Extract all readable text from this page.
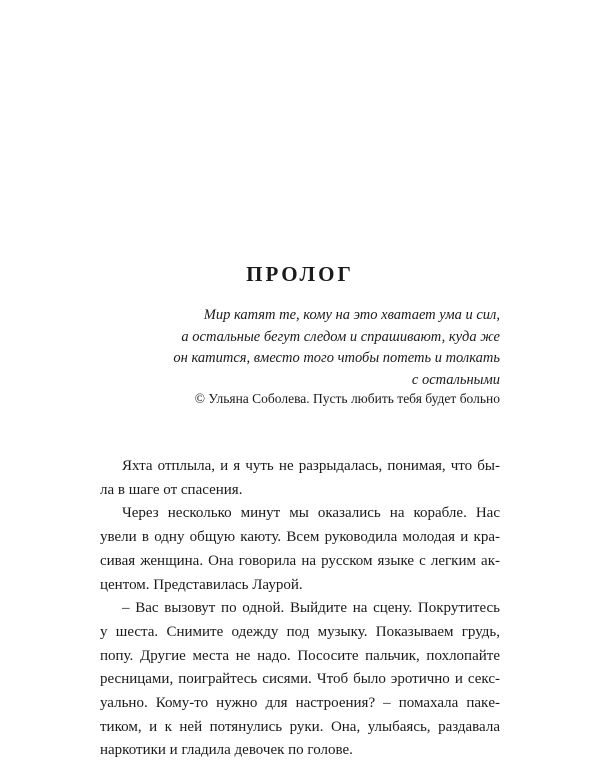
ПРОЛОГ
Мир катят те, кому на это хватает ума и сил,
а остальные бегут следом и спрашивают, куда же
он катится, вместо того чтобы потеть и толкать
с остальными
© Ульяна Соболева. Пусть любить тебя будет больно
Яхта отплыла, и я чуть не разрыдалась, понимая, что бы-
ла в шаге от спасения.
Через несколько минут мы оказались на корабле. Нас
увели в одну общую каюту. Всем руководила молодая и кра-
сивая женщина. Она говорила на русском языке с легким ак-
центом. Представилась Лаурой.
– Вас вызовут по одной. Выйдите на сцену. Покрутитесь
у шеста. Снимите одежду под музыку. Показываем грудь,
попу. Другие места не надо. Пососите пальчик, похлопайте
ресницами, поиграйтесь сисями. Чтоб было эротично и секс-
уально. Кому-то нужно для настроения? – помахала пакe-
тиком, и к ней потянулись руки. Она, улыбаясь, раздавала
наркотики и гладила девочек по голове.
